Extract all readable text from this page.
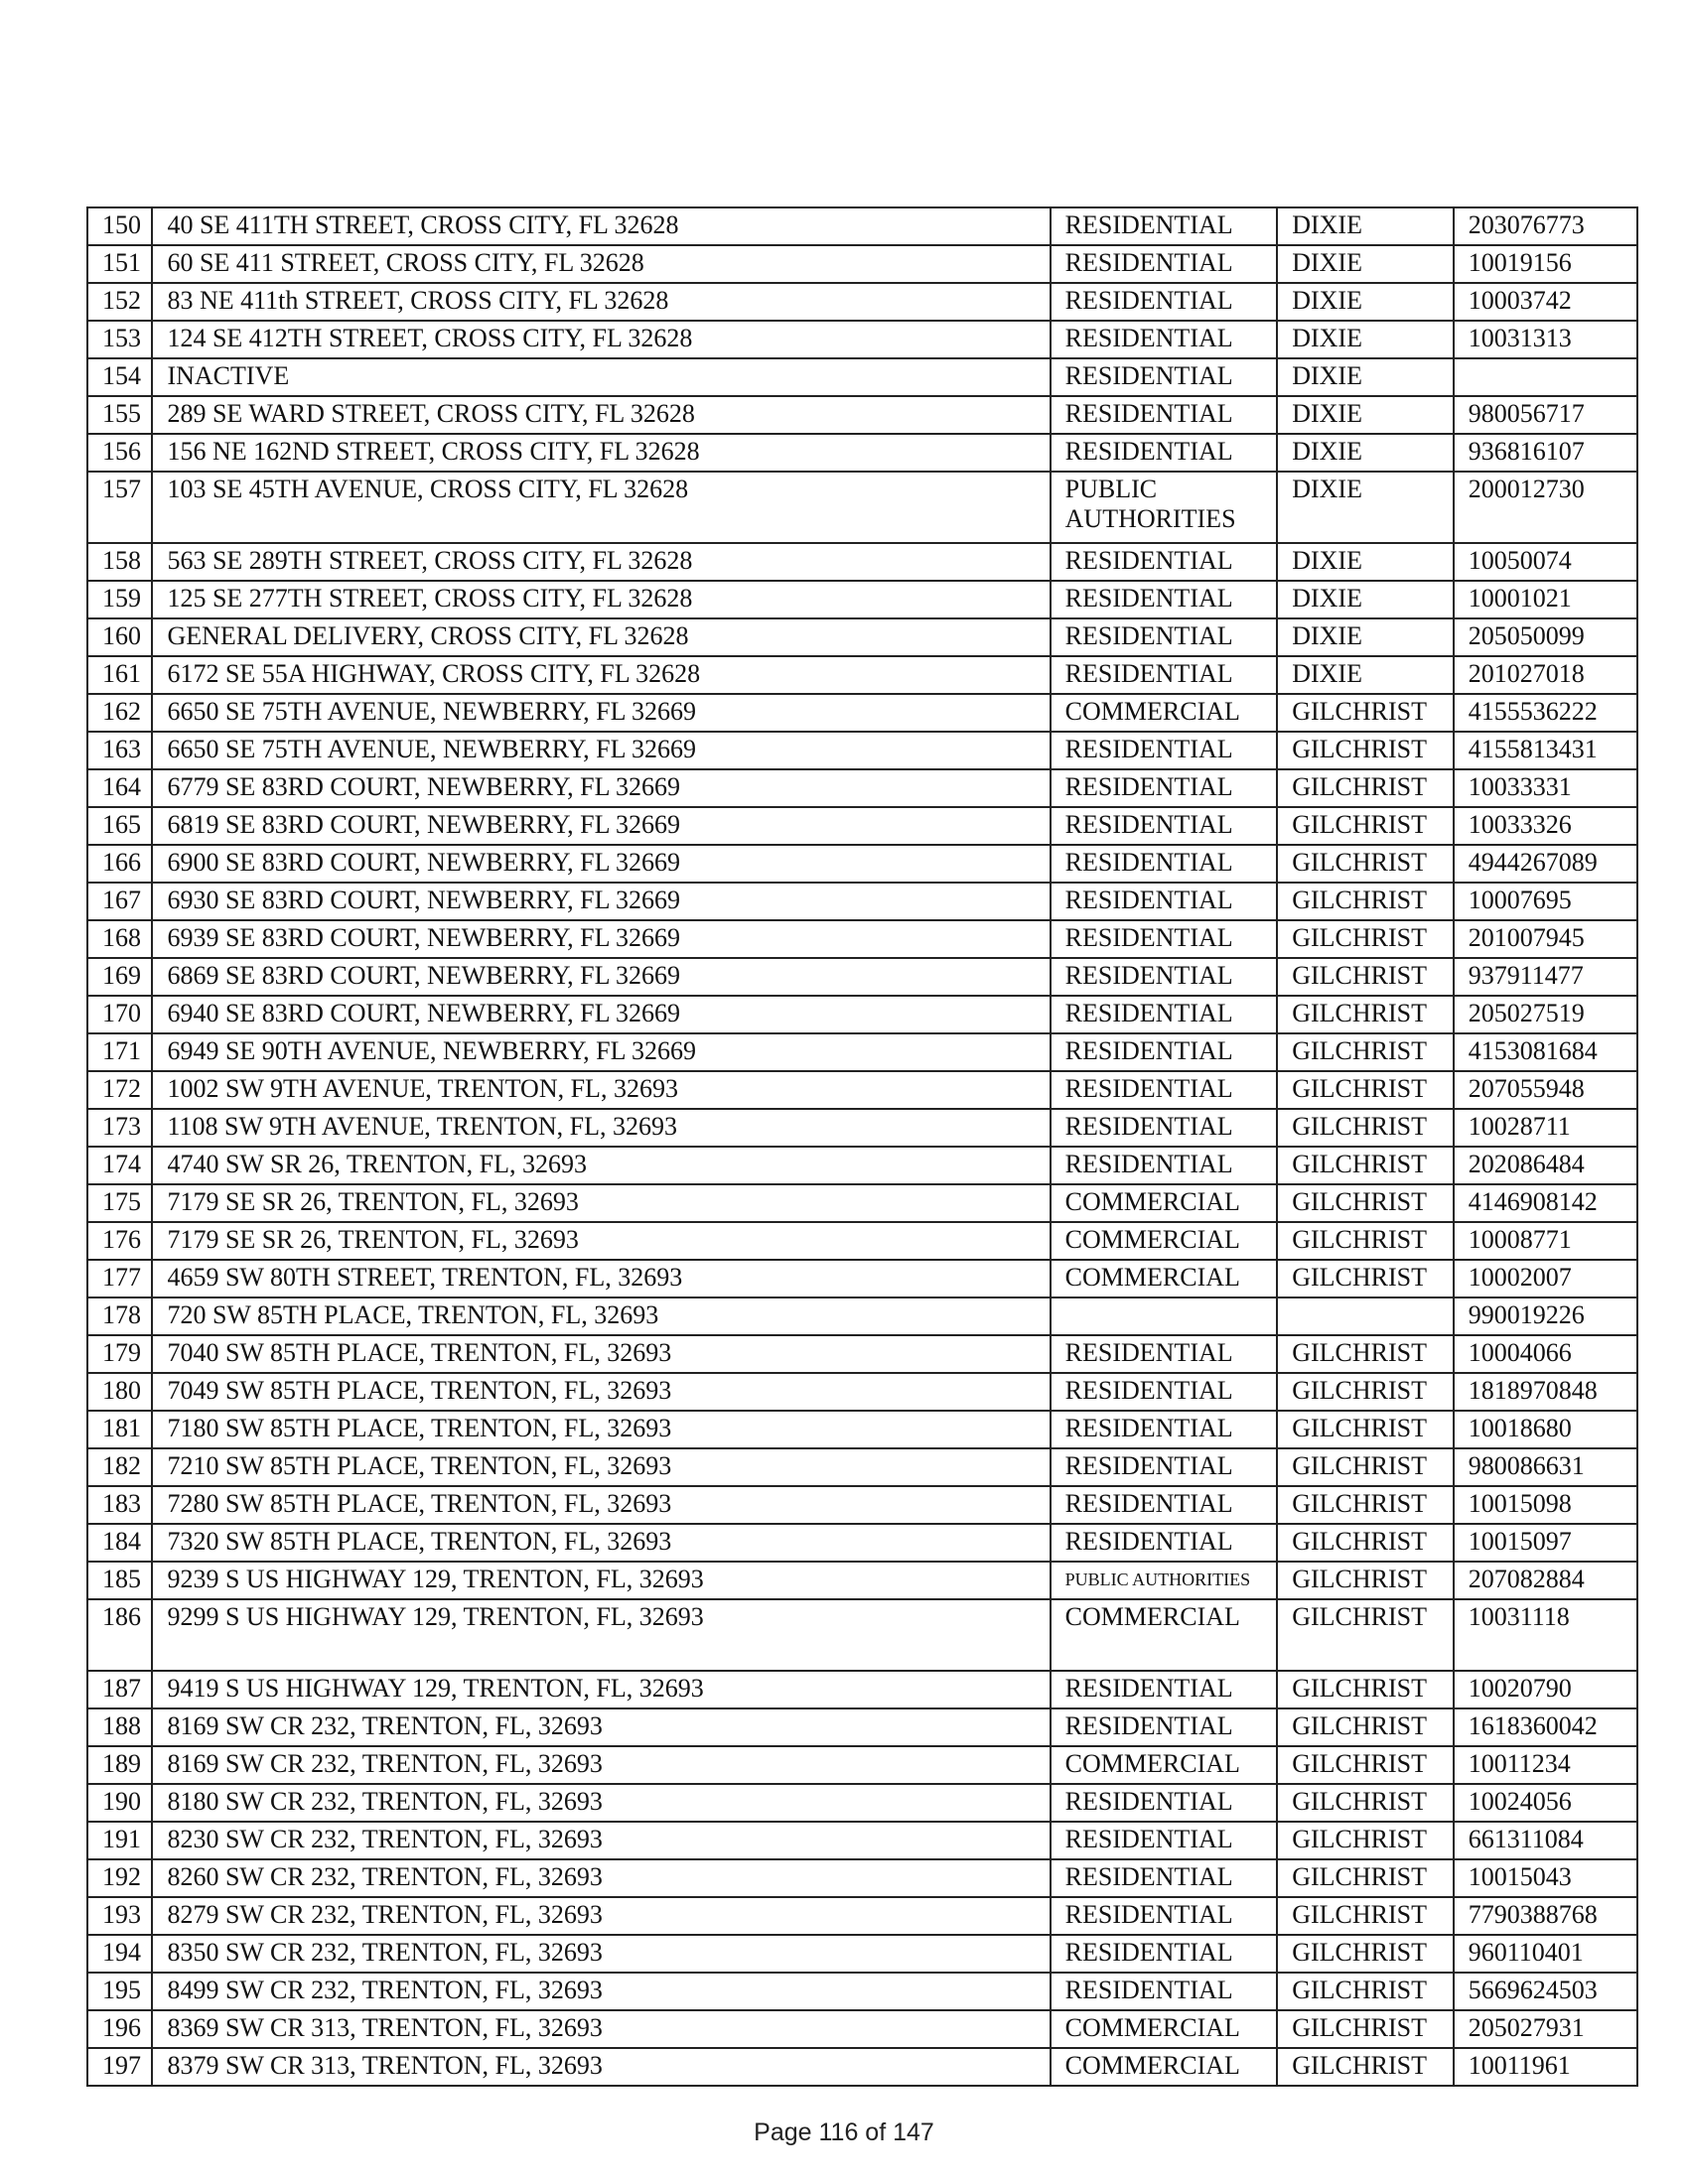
150	40 SE 411TH STREET, CROSS CITY, FL 32628	RESIDENTIAL	DIXIE	203076773
151	60 SE 411 STREET, CROSS CITY, FL 32628	RESIDENTIAL	DIXIE	10019156
152	83 NE 411th STREET, CROSS CITY, FL 32628	RESIDENTIAL	DIXIE	10003742
153	124 SE 412TH STREET, CROSS CITY, FL 32628	RESIDENTIAL	DIXIE	10031313
154	INACTIVE	RESIDENTIAL	DIXIE	
155	289 SE WARD STREET, CROSS CITY, FL 32628	RESIDENTIAL	DIXIE	980056717
156	156 NE 162ND STREET, CROSS CITY, FL 32628	RESIDENTIAL	DIXIE	936816107
157	103 SE 45TH AVENUE, CROSS CITY, FL 32628	PUBLIC AUTHORITIES	DIXIE	200012730
158	563 SE 289TH STREET, CROSS CITY, FL 32628	RESIDENTIAL	DIXIE	10050074
159	125 SE 277TH STREET, CROSS CITY, FL 32628	RESIDENTIAL	DIXIE	10001021
160	GENERAL DELIVERY, CROSS CITY, FL 32628	RESIDENTIAL	DIXIE	205050099
161	6172 SE 55A HIGHWAY, CROSS CITY, FL 32628	RESIDENTIAL	DIXIE	201027018
162	6650 SE 75TH AVENUE, NEWBERRY, FL 32669	COMMERCIAL	GILCHRIST	4155536222
163	6650 SE 75TH AVENUE, NEWBERRY, FL 32669	RESIDENTIAL	GILCHRIST	4155813431
164	6779 SE 83RD COURT, NEWBERRY, FL 32669	RESIDENTIAL	GILCHRIST	10033331
165	6819 SE 83RD COURT, NEWBERRY, FL 32669	RESIDENTIAL	GILCHRIST	10033326
166	6900 SE 83RD COURT, NEWBERRY, FL 32669	RESIDENTIAL	GILCHRIST	4944267089
167	6930 SE 83RD COURT, NEWBERRY, FL 32669	RESIDENTIAL	GILCHRIST	10007695
168	6939 SE 83RD COURT, NEWBERRY, FL 32669	RESIDENTIAL	GILCHRIST	201007945
169	6869 SE 83RD COURT, NEWBERRY, FL 32669	RESIDENTIAL	GILCHRIST	937911477
170	6940 SE 83RD COURT, NEWBERRY, FL 32669	RESIDENTIAL	GILCHRIST	205027519
171	6949 SE 90TH AVENUE, NEWBERRY, FL 32669	RESIDENTIAL	GILCHRIST	4153081684
172	1002 SW 9TH AVENUE, TRENTON, FL, 32693	RESIDENTIAL	GILCHRIST	207055948
173	1108 SW 9TH AVENUE, TRENTON, FL, 32693	RESIDENTIAL	GILCHRIST	10028711
174	4740 SW SR 26, TRENTON, FL, 32693	RESIDENTIAL	GILCHRIST	202086484
175	7179 SE SR 26, TRENTON, FL, 32693	COMMERCIAL	GILCHRIST	4146908142
176	7179 SE SR 26, TRENTON, FL, 32693	COMMERCIAL	GILCHRIST	10008771
177	4659 SW 80TH STREET, TRENTON, FL, 32693	COMMERCIAL	GILCHRIST	10002007
178	720 SW 85TH PLACE, TRENTON, FL, 32693			990019226
179	7040 SW 85TH PLACE, TRENTON, FL, 32693	RESIDENTIAL	GILCHRIST	10004066
180	7049 SW 85TH PLACE, TRENTON, FL, 32693	RESIDENTIAL	GILCHRIST	1818970848
181	7180 SW 85TH PLACE, TRENTON, FL, 32693	RESIDENTIAL	GILCHRIST	10018680
182	7210 SW 85TH PLACE, TRENTON, FL, 32693	RESIDENTIAL	GILCHRIST	980086631
183	7280 SW 85TH PLACE, TRENTON, FL, 32693	RESIDENTIAL	GILCHRIST	10015098
184	7320 SW 85TH PLACE, TRENTON, FL, 32693	RESIDENTIAL	GILCHRIST	10015097
185	9239 S US HIGHWAY 129, TRENTON, FL, 32693	PUBLIC AUTHORITIES	GILCHRIST	207082884
186	9299 S US HIGHWAY 129, TRENTON, FL, 32693	COMMERCIAL	GILCHRIST	10031118
187	9419 S US HIGHWAY 129, TRENTON, FL, 32693	RESIDENTIAL	GILCHRIST	10020790
188	8169 SW CR 232, TRENTON, FL, 32693	RESIDENTIAL	GILCHRIST	1618360042
189	8169 SW CR 232, TRENTON, FL, 32693	COMMERCIAL	GILCHRIST	10011234
190	8180 SW CR 232, TRENTON, FL, 32693	RESIDENTIAL	GILCHRIST	10024056
191	8230 SW CR 232, TRENTON, FL, 32693	RESIDENTIAL	GILCHRIST	661311084
192	8260 SW CR 232, TRENTON, FL, 32693	RESIDENTIAL	GILCHRIST	10015043
193	8279 SW CR 232, TRENTON, FL, 32693	RESIDENTIAL	GILCHRIST	7790388768
194	8350 SW CR 232, TRENTON, FL, 32693	RESIDENTIAL	GILCHRIST	960110401
195	8499 SW CR 232, TRENTON, FL, 32693	RESIDENTIAL	GILCHRIST	5669624503
196	8369 SW CR 313, TRENTON, FL, 32693	COMMERCIAL	GILCHRIST	205027931
197	8379 SW CR 313, TRENTON, FL, 32693	COMMERCIAL	GILCHRIST	10011961
Page 116 of 147
